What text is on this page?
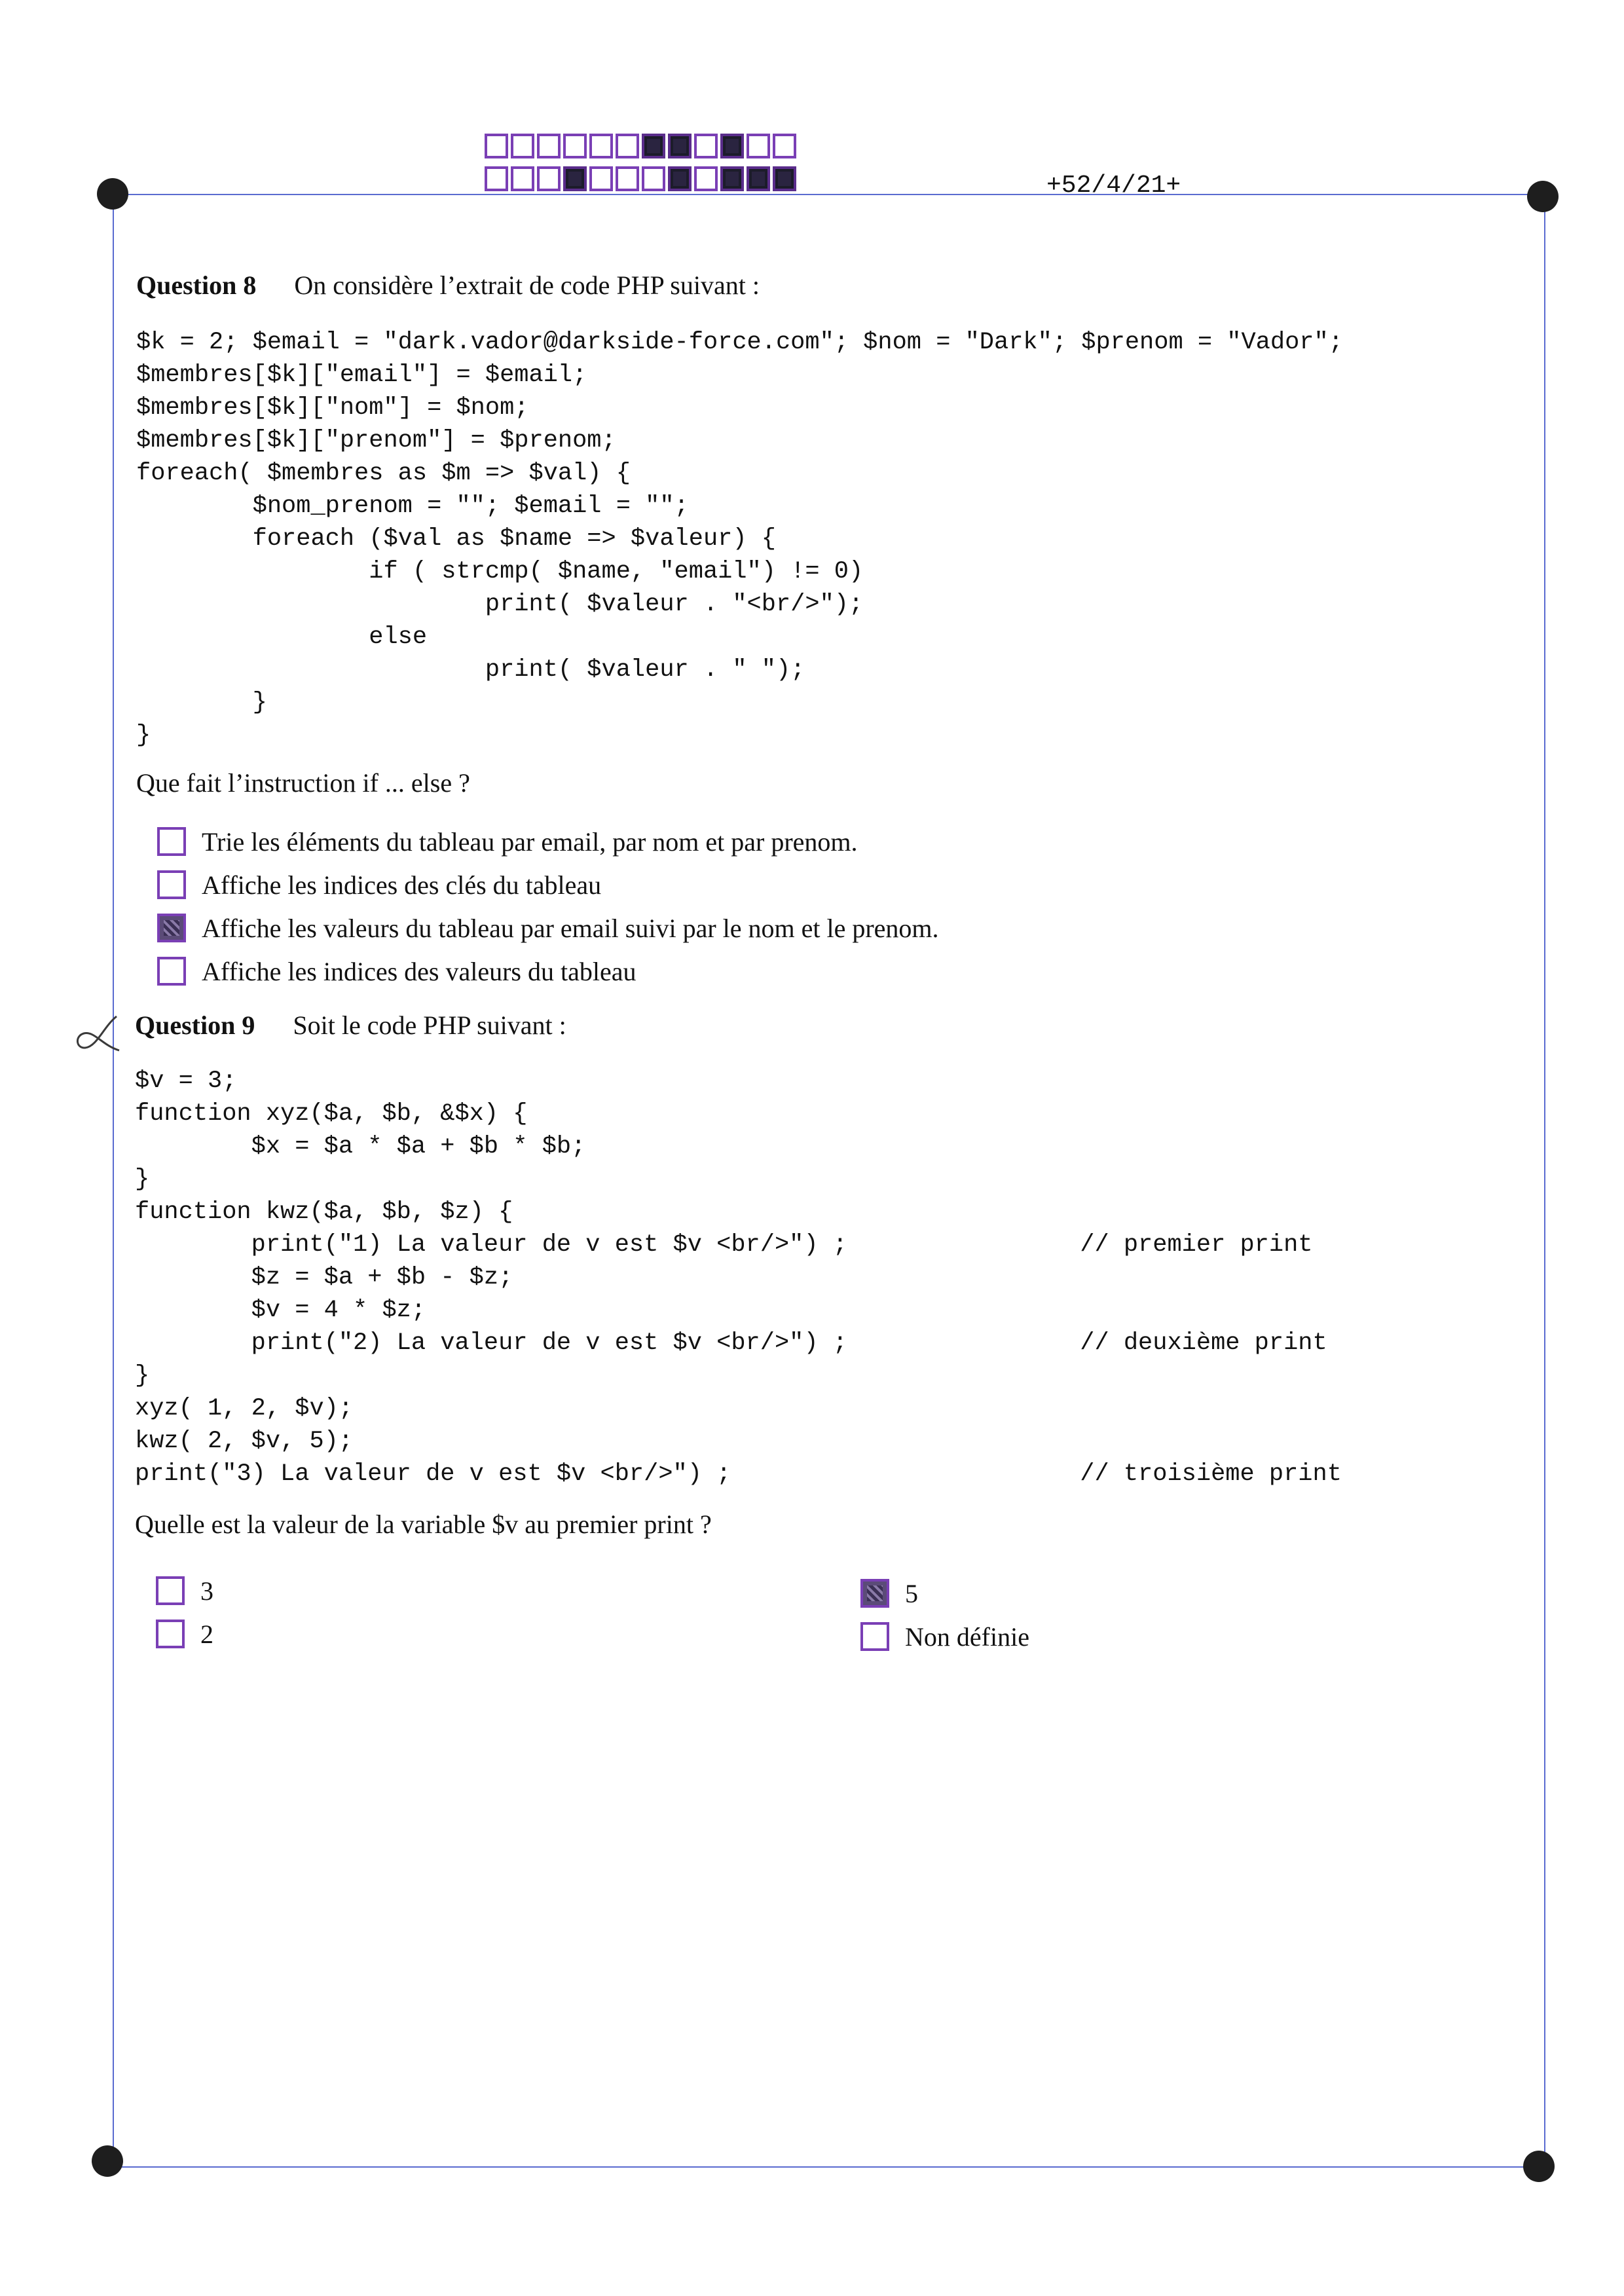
+52/4/21+
Question 8 On considère l’extrait de code PHP suivant :
$k = 2; $email = "dark.vador@darkside-force.com"; $nom = "Dark"; $prenom = "Vador";
$membres[$k]["email"] = $email;
$membres[$k]["nom"] = $nom;
$membres[$k]["prenom"] = $prenom;
foreach( $membres as $m => $val) {
$nom_prenom = ""; $email = "";
foreach ($val as $name => $valeur) {
if ( strcmp( $name, "email") != 0)
print( $valeur . "<br/>");
else
print( $valeur . " ");
}
}
Que fait l’instruction if ... else ?
Trie les éléments du tableau par email, par nom et par prenom.
Affiche les indices des clés du tableau
Affiche les valeurs du tableau par email suivi par le nom et le prenom.
Affiche les indices des valeurs du tableau
Question 9 Soit le code PHP suivant :
$v = 3;
function xyz($a, $b, &$x) {
$x = $a * $a + $b * $b;
}
function kwz($a, $b, $z) {
print("1) La valeur de v est $v <br/>") ;                // premier print
$z = $a + $b - $z;
$v = 4 * $z;
print("2) La valeur de v est $v <br/>") ;                // deuxième print
}
xyz( 1, 2, $v);
kwz( 2, $v, 5);
print("3) La valeur de v est $v <br/>") ;                        // troisième print
Quelle est la valeur de la variable $v au premier print ?
3
2
5
Non définie
